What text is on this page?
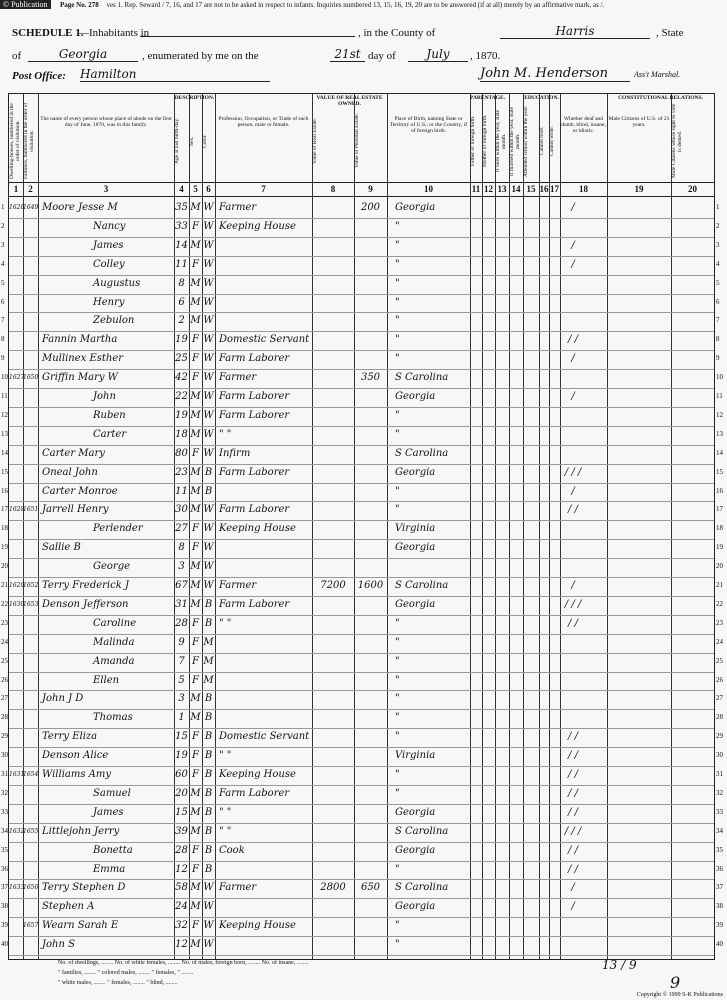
© Publication	Page No. 278 ves 1. Rep. Seward / 7, 16, and 17 are not to be asked in respect to infants. Inquiries numbered 13, 15, 16, 19, 20 are to be answered (if at all) merely by an affirmative mark, as /.
SCHEDULE 1.
—Inhabitants in	, in the County of	Harris	, State
of	Georgia	, enumerated by me on the	21st day of	July	, 1870.
Post Office: Hamilton	John M. Henderson	Ass't Marshal.
Dwelling-houses, numbered in the order of visitation. Families, numbered in the order of visitation.
The name of every person whose place of abode on the first day of June, 1870, was in this family.	Age at last birth-day.	Sex.	Color.
Profession, Occupation, or Trade of each person, male or female.	Value of Real Estate.	Value of Personal Estate.	Place of Birth, naming State or Territory of U.S.; or the Country, if of foreign birth.	Father of foreign birth.	Mother of foreign birth.	If born within the year, state month. If married within the year, state month. Attended school within the year.	Cannot read. Cannot write.
Whether deaf and dumb, blind, insane, or idiotic.
Male Citizens of U.S. of 21 years.	Male Citizens whose right to vote is denied.
DESCRIPTION.	VALUE OF REAL ESTATE OWNED.
PARENTAGE.	EDUCATION.	CONSTITUTIONAL RELATIONS.
1	2	3	4	5 6	7	8	9	10	11 12 13 14 15 16 17	18	19	20
1626
1649 Moore Jesse M	35 M W Farmer	200	Georgia	/
Nancy	33 F W Keeping House	"
James	14 M W	"	/
Colley	11 F W	"	/
Augustus	8 M W	"
Henry	6 M W	"
Zebulon	2 M W	"
Fannin Martha	19 F W Domestic Servant	"	/ /
Mullinex Esther	25 F W Farm Laborer	"	/
1627
1650 Griffin Mary W	42 F W Farmer	350	S Carolina
John	22 M W Farm Laborer	Georgia	/
Ruben	19 M W Farm Laborer	"
Carter	18 M W " "	"
Carter Mary	80 F W Infirm	S Carolina
Oneal John	23 M B Farm Laborer	Georgia	/ / /
Carter Monroe	11 M B	"	/
1628
1651 Jarrell Henry	30 M W Farm Laborer	"	/ /
Perlender	27 F W Keeping House	Virginia
Sallie B	8 F W	Georgia
George	3 M W
1629
1652 Terry Frederick J	67 M W Farmer	7200	1600	S Carolina	/
1630
1653 Denson Jefferson	31 M B Farm Laborer	Georgia	/ / /
Caroline	28 F B " "	"	/ /
Malinda	9 F M	"
Amanda	7 F M	"
Ellen	5 F M	"
John J D	3 M B	"
Thomas	1 M B	"
Terry Eliza	15 F B Domestic Servant	"	/ /
Denson Alice	19 F B " "	Virginia	/ /
1631
1654 Williams Amy	60 F B Keeping House	"	/ /
Samuel	20 M B Farm Laborer	"	/ /
James	15 M B " "	Georgia	/ /
1632
1655 Littlejohn Jerry	39 M B " "	S Carolina	/ / /
Bonetta	28 F B Cook	Georgia	/ /
Emma	12 F B	"	/ /
1633
1656 Terry Stephen D	58 M W Farmer	2800	650	S Carolina	/
Stephen A	24 M W	Georgia	/
1657 Wearn Sarah E	32 F W Keeping House	"
John S	12 M W	"
1
2
3
4
5
6
7
8
9
10
11
12
13
14
15
16
17
18
19
20
21
22
23
24
25
26
27
28
29
30
31
32
33
34
35
36
37
38
39
40
1
2
3
4
5
6
7
8
9
10
11
12
13
14
15
16
17
18
19
20
21
22
23
24
25
26
27
28
29
30
31
32
33
34
35
36
37
38
39
40
No. of dwellings, ........ No. of white females, ........ No. of males, foreign born, ........ No. of insane, ........
" families, ........ " colored males, ........ " females, " ........
" white males, ........ " females, ........ " blind, ........
13 / 9
9
Copyright © 1999 S-K Publications
